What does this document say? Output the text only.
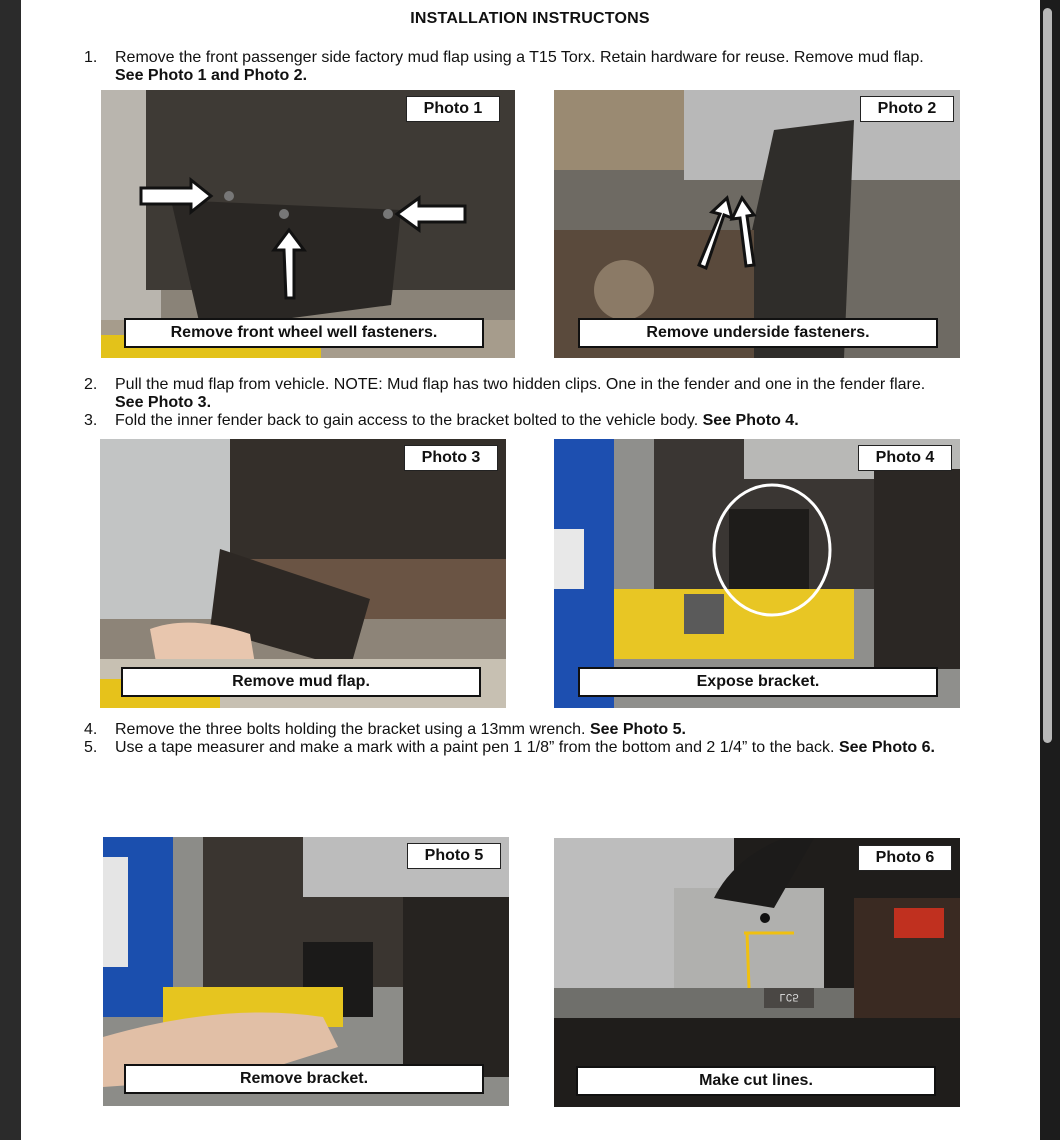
INSTALLATION INSTRUCTONS
1.	Remove the front passenger side factory mud flap using a T15 Torx. Retain hardware for reuse. Remove mud flap.
See Photo 1 and Photo 2.
Photo 1
Remove front wheel well fasteners.
Photo 2
Remove underside fasteners.
2.	Pull the mud flap from vehicle. NOTE: Mud flap has two hidden clips. One in the fender and one in the fender flare.
See Photo 3.
3.	Fold the inner fender back to gain access to the bracket bolted to the vehicle body. See Photo 4.
Photo 3
Remove mud flap.
Photo 4
Expose bracket.
4.	Remove the three bolts holding the bracket using a 13mm wrench. See Photo 5.
5.	Use a tape measurer and make a mark with a paint pen 1 1/8” from the bottom and 2 1/4” to the back. See Photo 6.
Photo 5
Remove bracket.
LC5
Photo 6
Make cut lines.
